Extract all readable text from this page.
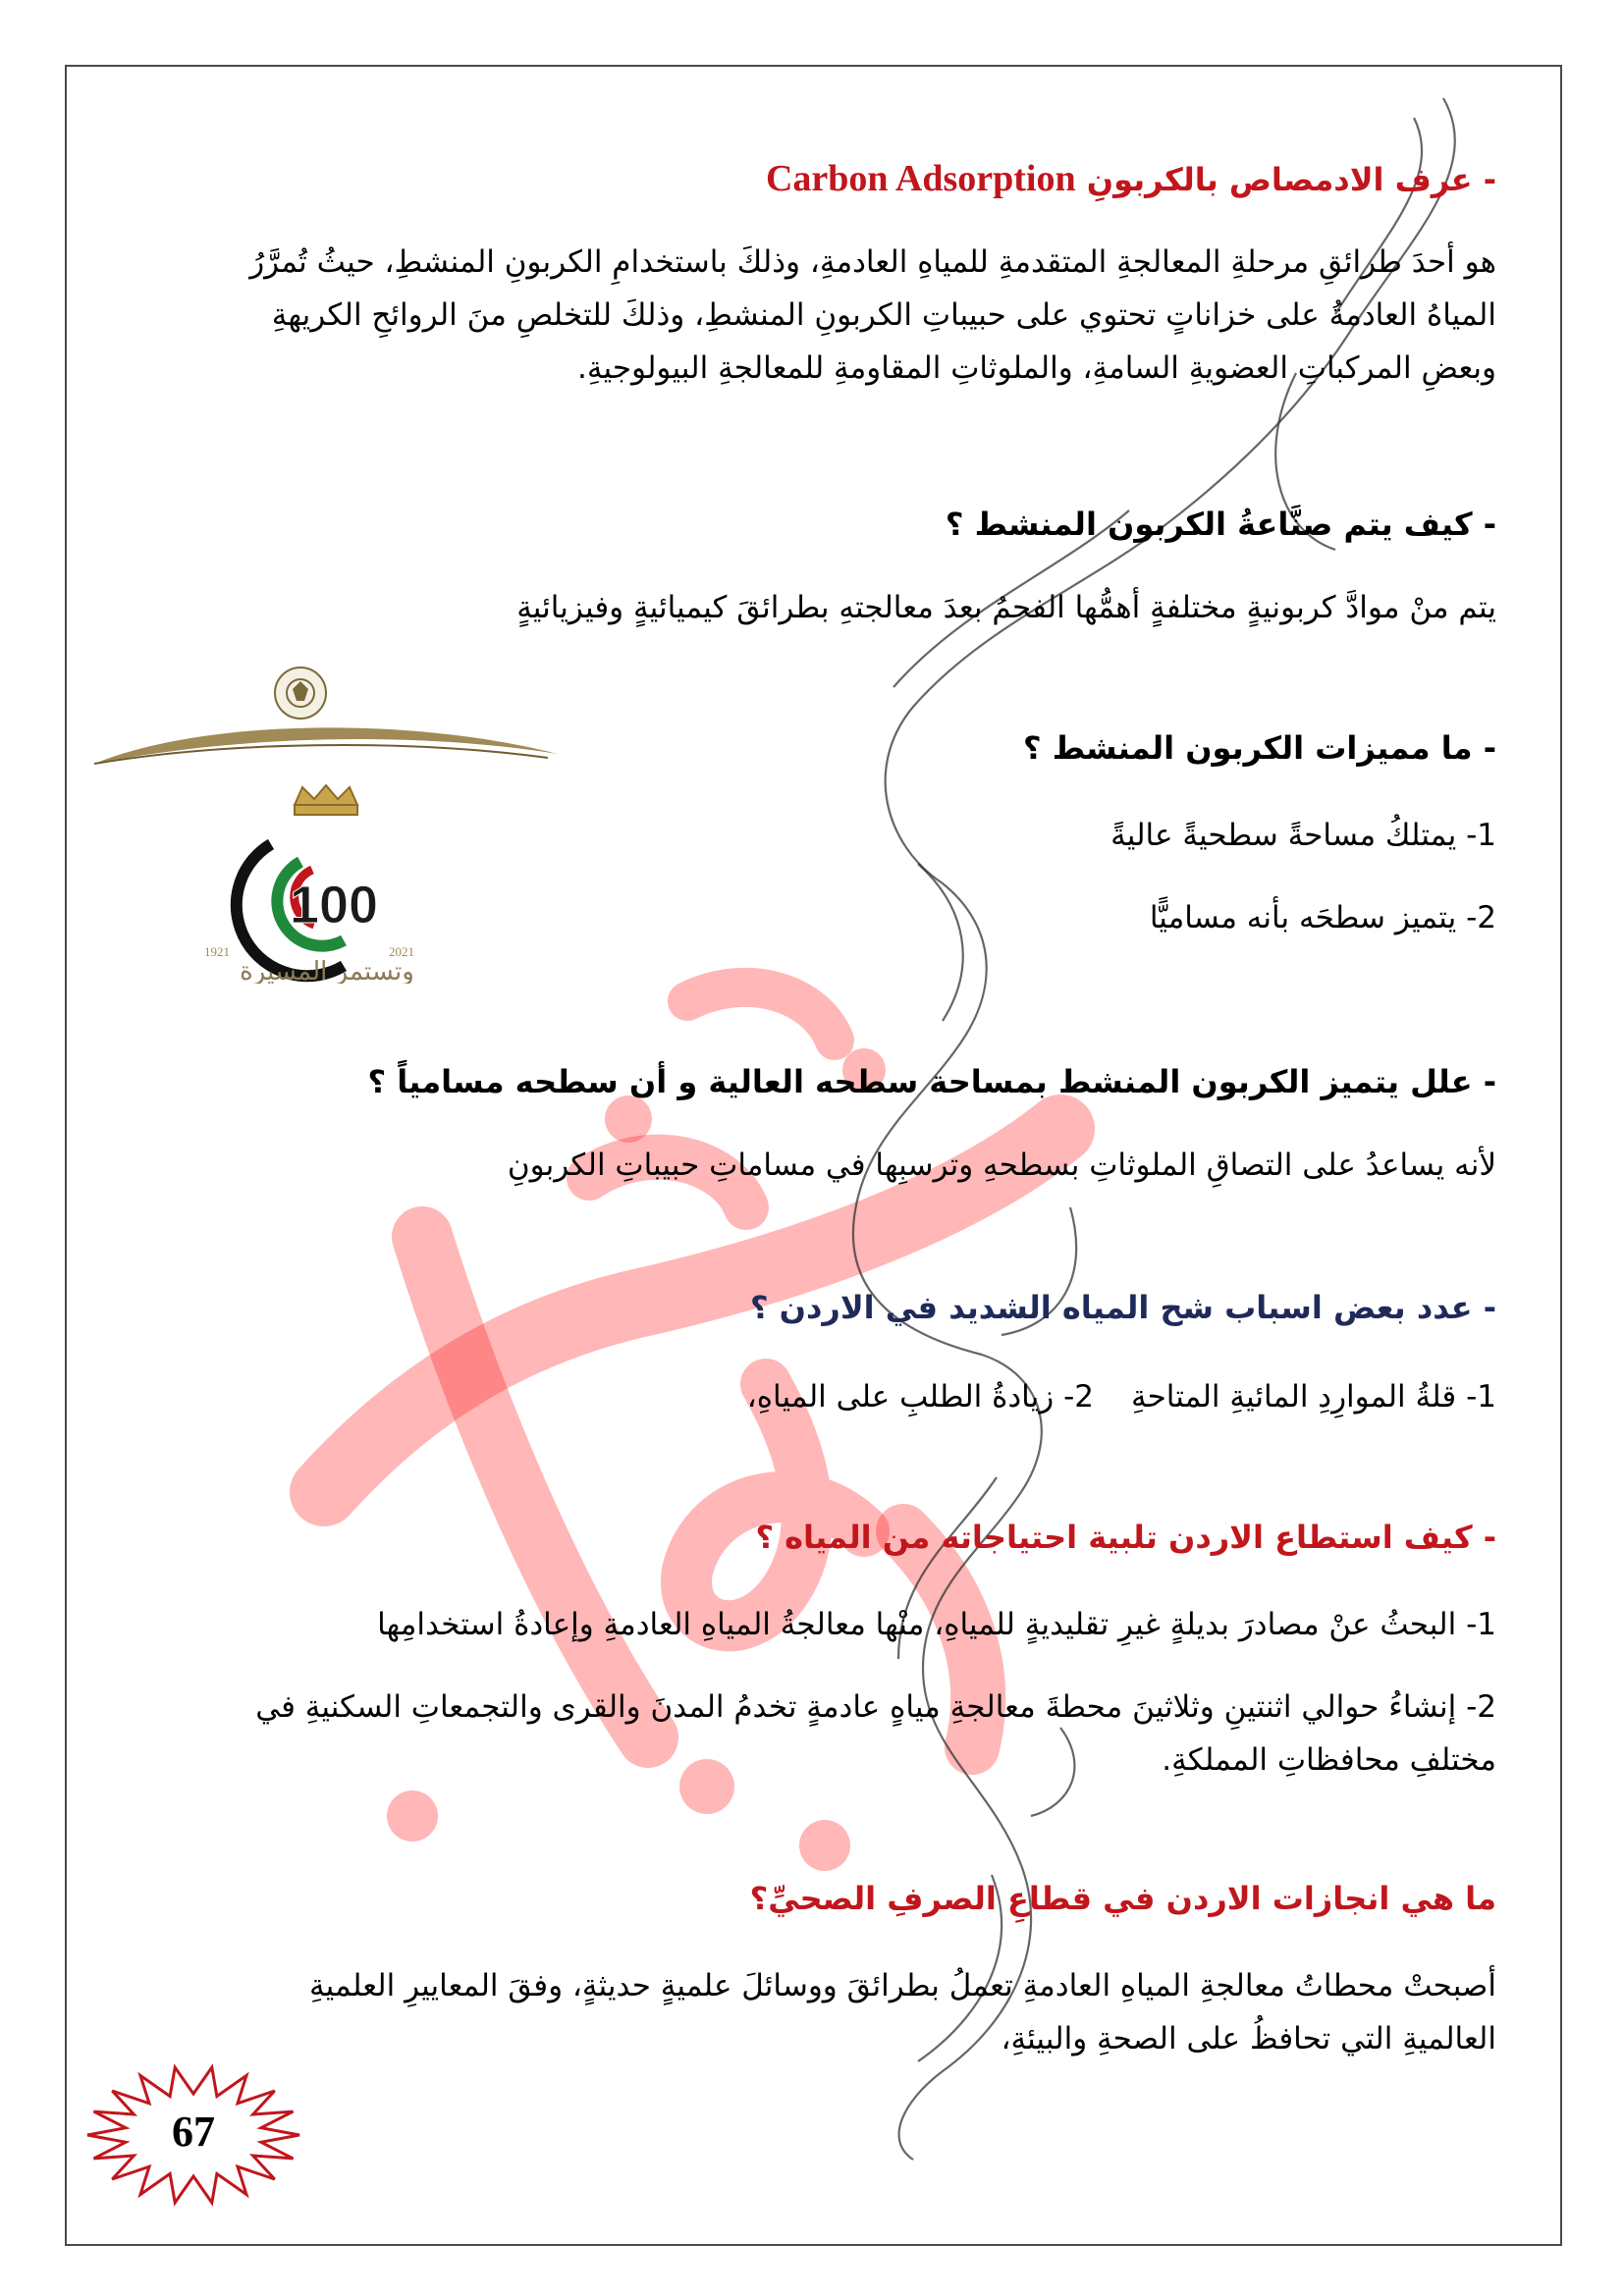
100
1921	2021
وتستمر المسيرة
- عرف الادمصاص بالكربونِ Carbon Adsorption

هو أحدَ طرائقِ مرحلةِ المعالجةِ المتقدمةِ للمياهِ العادمةِ، وذلكَ باستخدامِ الكربونِ المنشطِ، حيثُ تُمرَّرُ

المياهُ العادمةُ على خزاناتٍ تحتوي على حبيباتِ الكربونِ المنشطِ، وذلكَ للتخلصِ منَ الروائحِ الكريهةِ

وبعضِ المركباتِ العضويةِ السامةِ، والملوثاتِ المقاومةِ للمعالجةِ البيولوجيةِ.

- كيف يتم صنَّاعةُ الكربون المنشط ؟

يتم منْ موادَّ كربونيةٍ مختلفةٍ أهمُّها الفحمُ بعدَ معالجتهِ بطرائقَ كيميائيةٍ وفيزيائيةٍ

- ما مميزات الكربون المنشط ؟

1- يمتلكُ مساحةً سطحيةً عاليةً

2- يتميز سطحَه بأنه مساميًّا

- علل يتميز الكربون المنشط بمساحة سطحه العالية و أن سطحه مسامياً ؟

لأنه يساعدُ على التصاقِ الملوثاتِ بسطحهِ وترسبِها في مساماتِ حبيباتِ الكربونِ

- عدد بعض اسباب شح المياه الشديد في الاردن ؟
1- قلةُ الموارِدِ المائيةِ المتاحةِ
2- زيادةُ الطلبِ على المياهِ،
- كيف استطاع الاردن تلبية احتياجاته من المياه ؟

1- البحثُ عنْ مصادرَ بديلةٍ غيرِ تقليديةٍ للمياهِ، منْها معالجةُ المياهِ العادمةِ وإعادةُ استخدامِها

2- إنشاءُ حوالي اثنتينِ وثلاثينَ محطةَ معالجةِ مياهٍ عادمةٍ تخدمُ المدنَ والقرى والتجمعاتِ السكنيةِ في

مختلفِ محافظاتِ المملكةِ.

ما هي انجازات الاردن في قطاعِ الصرفِ الصحيِّ؟

أصبحتْ محطاتُ معالجةِ المياهِ العادمةِ تعملُ بطرائقَ ووسائلَ علميةٍ حديثةٍ، وفقَ المعاييرِ العلميةِ

العالميةِ التي تحافظُ على الصحةِ والبيئةِ،

67
